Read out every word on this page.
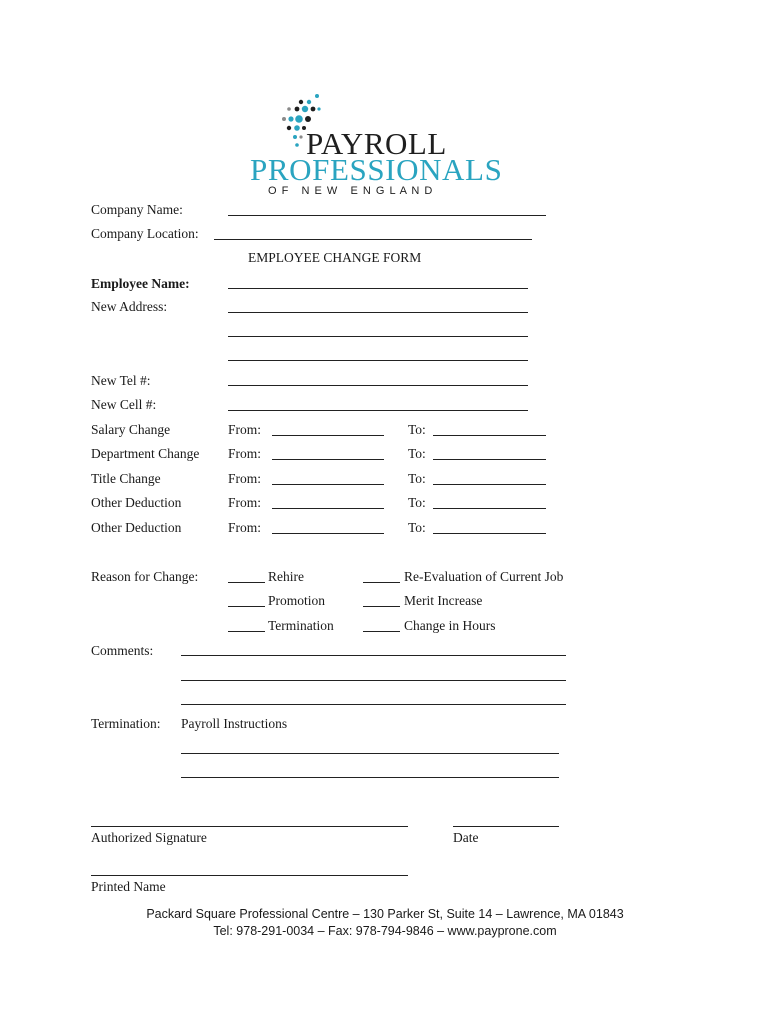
PAYROLL
PROFESSIONALS
O F   N E W   E N G L A N D
Company Name:
Company Location:
EMPLOYEE CHANGE FORM
Employee Name:
New Address:
New Tel #:
New Cell #:
Salary Change	From:	To:
Department Change From:	To:
Title Change	From:	To:
Other Deduction	From:	To:
Other Deduction	From:	To:
Reason for Change:	Rehire	Re-Evaluation of Current Job
Promotion	Merit Increase
Termination	Change in Hours
Comments:
Termination: Payroll Instructions
Authorized Signature	Date
Printed Name
Packard Square Professional Centre – 130 Parker St, Suite 14 – Lawrence, MA 01843
Tel: 978-291-0034 – Fax: 978-794-9846 – www.payprone.com
